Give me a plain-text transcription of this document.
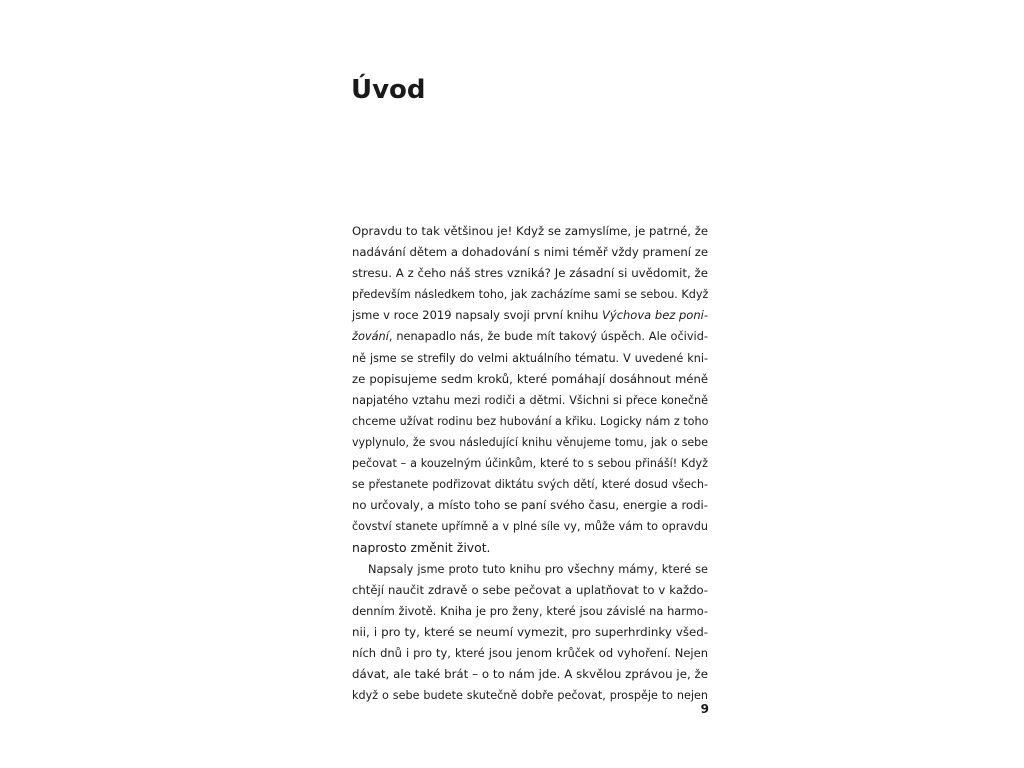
Úvod
Opravdu to tak většinou je! Když se zamyslíme, je patrné, že
nadávání dětem a dohadování s nimi téměř vždy pramení ze
stresu. A z čeho náš stres vzniká? Je zásadní si uvědomit, že
především následkem toho, jak zacházíme sami se sebou. Když
jsme v roce 2019 napsaly svoji první knihu Výchova bez poni-
žování, nenapadlo nás, že bude mít takový úspěch. Ale očivid-
ně jsme se strefily do velmi aktuálního tématu. V uvedené kni-
ze popisujeme sedm kroků, které pomáhají dosáhnout méně
napjatého vztahu mezi rodiči a dětmi. Všichni si přece konečně
chceme užívat rodinu bez hubování a křiku. Logicky nám z toho
vyplynulo, že svou následující knihu věnujeme tomu, jak o sebe
pečovat – a kouzelným účinkům, které to s sebou přináší! Když
se přestanete podřizovat diktátu svých dětí, které dosud všech-
no určovaly, a místo toho se paní svého času, energie a rodi-
čovství stanete upřímně a v plné síle vy, může vám to opravdu
naprosto změnit život.
Napsaly jsme proto tuto knihu pro všechny mámy, které se
chtějí naučit zdravě o sebe pečovat a uplatňovat to v každo-
denním životě. Kniha je pro ženy, které jsou závislé na harmo-
nii, i pro ty, které se neumí vymezit, pro superhrdinky všed-
ních dnů i pro ty, které jsou jenom krůček od vyhoření. Nejen
dávat, ale také brát – o to nám jde. A skvělou zprávou je, že
když o sebe budete skutečně dobře pečovat, prospěje to nejen
9
